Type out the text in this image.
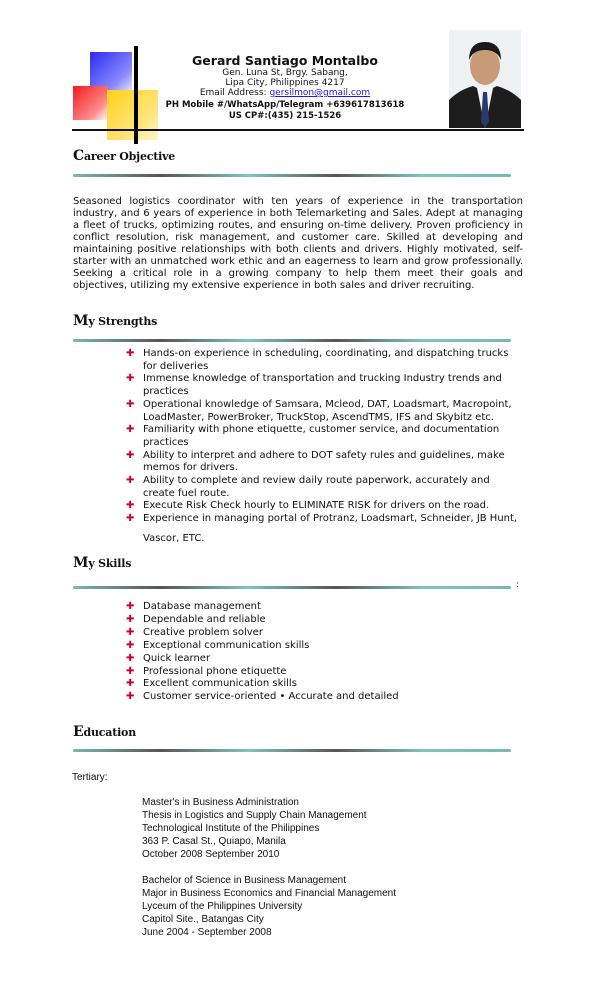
Gerard Santiago Montalbo
Gen. Luna St, Brgy. Sabang,
Lipa City, Philippines 4217
Email Address: gersilmon@gmail.com
PH Mobile #/WhatsApp/Telegram +639617813618
US CP#:(435) 215-1526
Career Objective
Seasoned logistics coordinator with ten years of experience in the transportation industry, and 6 years of experience in both Telemarketing and Sales. Adept at managing a fleet of trucks, optimizing routes, and ensuring on-time delivery. Proven proficiency in conflict resolution, risk management, and customer care. Skilled at developing and maintaining positive relationships with both clients and drivers. Highly motivated, self-starter with an unmatched work ethic and an eagerness to learn and grow professionally. Seeking a critical role in a growing company to help them meet their goals and objectives, utilizing my extensive experience in both sales and driver recruiting.
My Strengths
✚ Hands-on experience in scheduling, coordinating, and dispatching trucks for deliveries
✚ Immense knowledge of transportation and trucking Industry trends and practices
✚ Operational knowledge of Samsara, Mcleod, DAT, Loadsmart, Macropoint, LoadMaster, PowerBroker, TruckStop, AscendTMS, IFS and Skybitz etc.
✚ Familiarity with phone etiquette, customer service, and documentation practices
✚ Ability to interpret and adhere to DOT safety rules and guidelines, make memos for drivers.
✚ Ability to complete and review daily route paperwork, accurately and create fuel route.
✚ Execute Risk Check hourly to ELIMINATE RISK for drivers on the road.
✚ Experience in managing portal of Protranz, Loadsmart, Schneider, JB Hunt,
Vascor, ETC.
My Skills
:
✚ Database management
✚ Dependable and reliable
✚ Creative problem solver
✚ Exceptional communication skills
✚ Quick learner
✚ Professional phone etiquette
✚ Excellent communication skills
✚ Customer service-oriented • Accurate and detailed
Education
Tertiary:
Master's in Business Administration
Thesis in Logistics and Supply Chain Management
Technological Institute of the Philippines
363 P. Casal St., Quiapo, Manila
October 2008 September 2010
Bachelor of Science in Business Management
Major in Business Economics and Financial Management
Lyceum of the Philippines University
Capitol Site., Batangas City
June 2004 - September 2008
